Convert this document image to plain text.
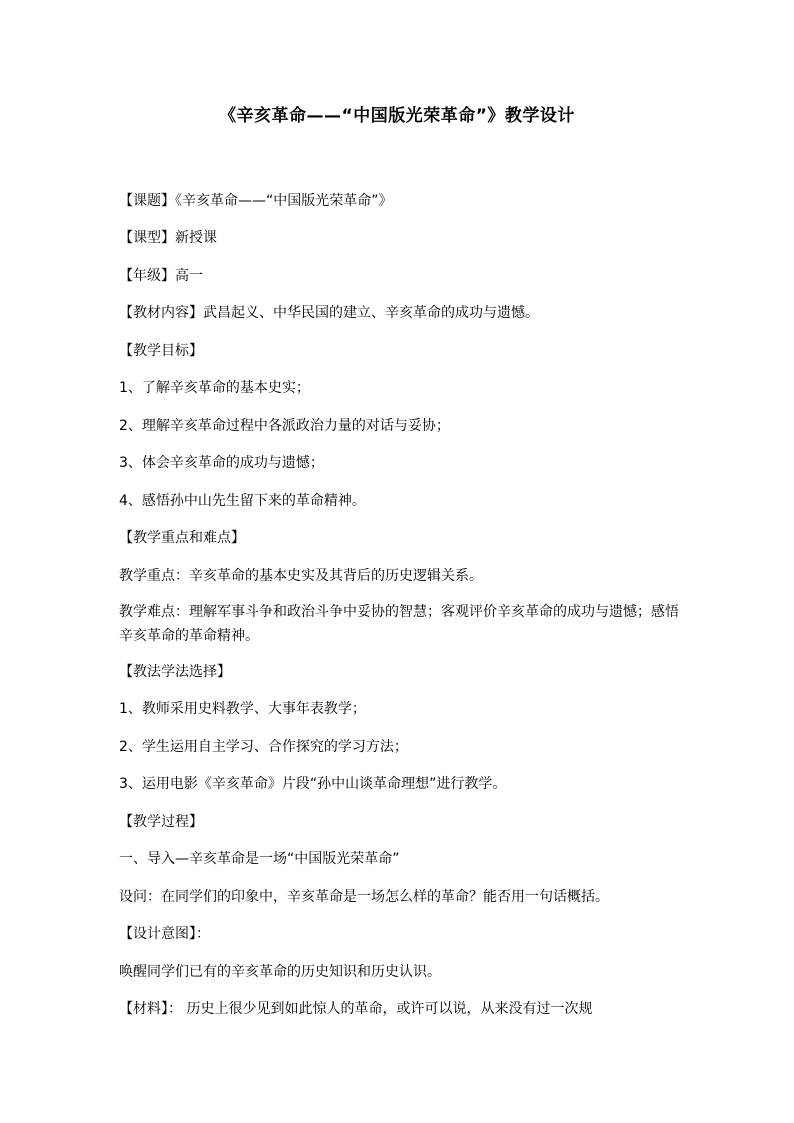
《辛亥革命——“中国版光荣革命”》教学设计
【课题】《辛亥革命——“中国版光荣革命”》
【课型】新授课
【年级】高一
【教材内容】武昌起义、中华民国的建立、辛亥革命的成功与遗憾。
【教学目标】
1、了解辛亥革命的基本史实；
2、理解辛亥革命过程中各派政治力量的对话与妥协；
3、体会辛亥革命的成功与遗憾；
4、感悟孙中山先生留下来的革命精神。
【教学重点和难点】
教学重点：辛亥革命的基本史实及其背后的历史逻辑关系。
教学难点：理解军事斗争和政治斗争中妥协的智慧；客观评价辛亥革命的成功与遗憾；感悟辛亥革命的革命精神。
【教法学法选择】
1、教师采用史料教学、大事年表教学；
2、学生运用自主学习、合作探究的学习方法；
3、运用电影《辛亥革命》片段“孙中山谈革命理想”进行教学。
【教学过程】
一、导入—辛亥革命是一场“中国版光荣革命”
设问：在同学们的印象中，辛亥革命是一场怎么样的革命？能否用一句话概括。
【设计意图】：
唤醒同学们已有的辛亥革命的历史知识和历史认识。
【材料】： 历史上很少见到如此惊人的革命，或许可以说，从来没有过一次规
